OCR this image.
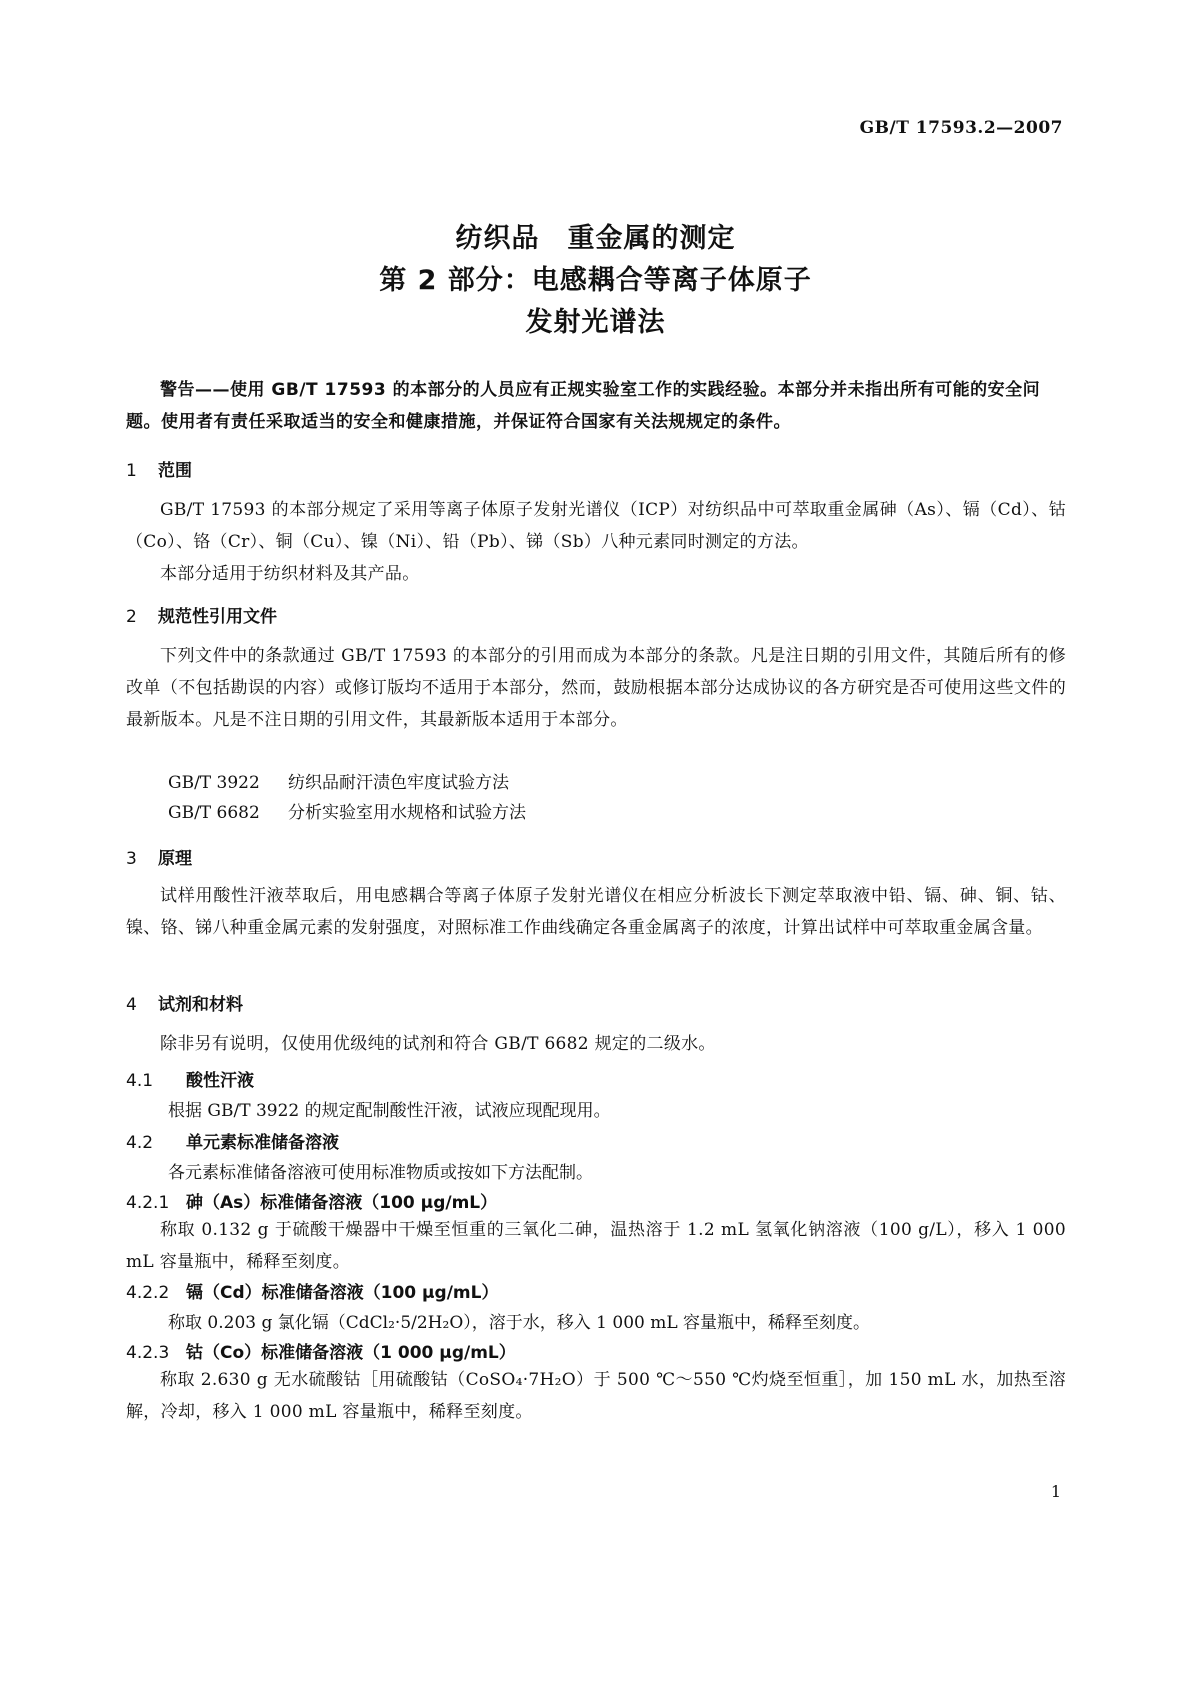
GB/T 17593.2—2007
纺织品　重金属的测定
第 2 部分：电感耦合等离子体原子
发射光谱法
警告——使用 GB/T 17593 的本部分的人员应有正规实验室工作的实践经验。本部分并未指出所有可能的安全问题。使用者有责任采取适当的安全和健康措施，并保证符合国家有关法规规定的条件。
1 范围
GB/T 17593 的本部分规定了采用等离子体原子发射光谱仪（ICP）对纺织品中可萃取重金属砷（As）、镉（Cd）、钴（Co）、铬（Cr）、铜（Cu）、镍（Ni）、铅（Pb）、锑（Sb）八种元素同时测定的方法。
本部分适用于纺织材料及其产品。
2 规范性引用文件
下列文件中的条款通过 GB/T 17593 的本部分的引用而成为本部分的条款。凡是注日期的引用文件，其随后所有的修改单（不包括勘误的内容）或修订版均不适用于本部分，然而，鼓励根据本部分达成协议的各方研究是否可使用这些文件的最新版本。凡是不注日期的引用文件，其最新版本适用于本部分。
GB/T 3922 纺织品耐汗渍色牢度试验方法
GB/T 6682 分析实验室用水规格和试验方法
3 原理
试样用酸性汗液萃取后，用电感耦合等离子体原子发射光谱仪在相应分析波长下测定萃取液中铅、镉、砷、铜、钴、镍、铬、锑八种重金属元素的发射强度，对照标准工作曲线确定各重金属离子的浓度，计算出试样中可萃取重金属含量。
4 试剂和材料
除非另有说明，仅使用优级纯的试剂和符合 GB/T 6682 规定的二级水。
4.1 酸性汗液
根据 GB/T 3922 的规定配制酸性汗液，试液应现配现用。
4.2 单元素标准储备溶液
各元素标准储备溶液可使用标准物质或按如下方法配制。
4.2.1 砷（As）标准储备溶液（100 μg/mL）
称取 0.132 g 于硫酸干燥器中干燥至恒重的三氧化二砷，温热溶于 1.2 mL 氢氧化钠溶液（100 g/L），移入 1 000 mL 容量瓶中，稀释至刻度。
4.2.2 镉（Cd）标准储备溶液（100 μg/mL）
称取 0.203 g 氯化镉（CdCl₂·5/2H₂O），溶于水，移入 1 000 mL 容量瓶中，稀释至刻度。
4.2.3 钴（Co）标准储备溶液（1 000 μg/mL）
称取 2.630 g 无水硫酸钴［用硫酸钴（CoSO₄·7H₂O）于 500 ℃～550 ℃灼烧至恒重］，加 150 mL 水，加热至溶解，冷却，移入 1 000 mL 容量瓶中，稀释至刻度。
1
